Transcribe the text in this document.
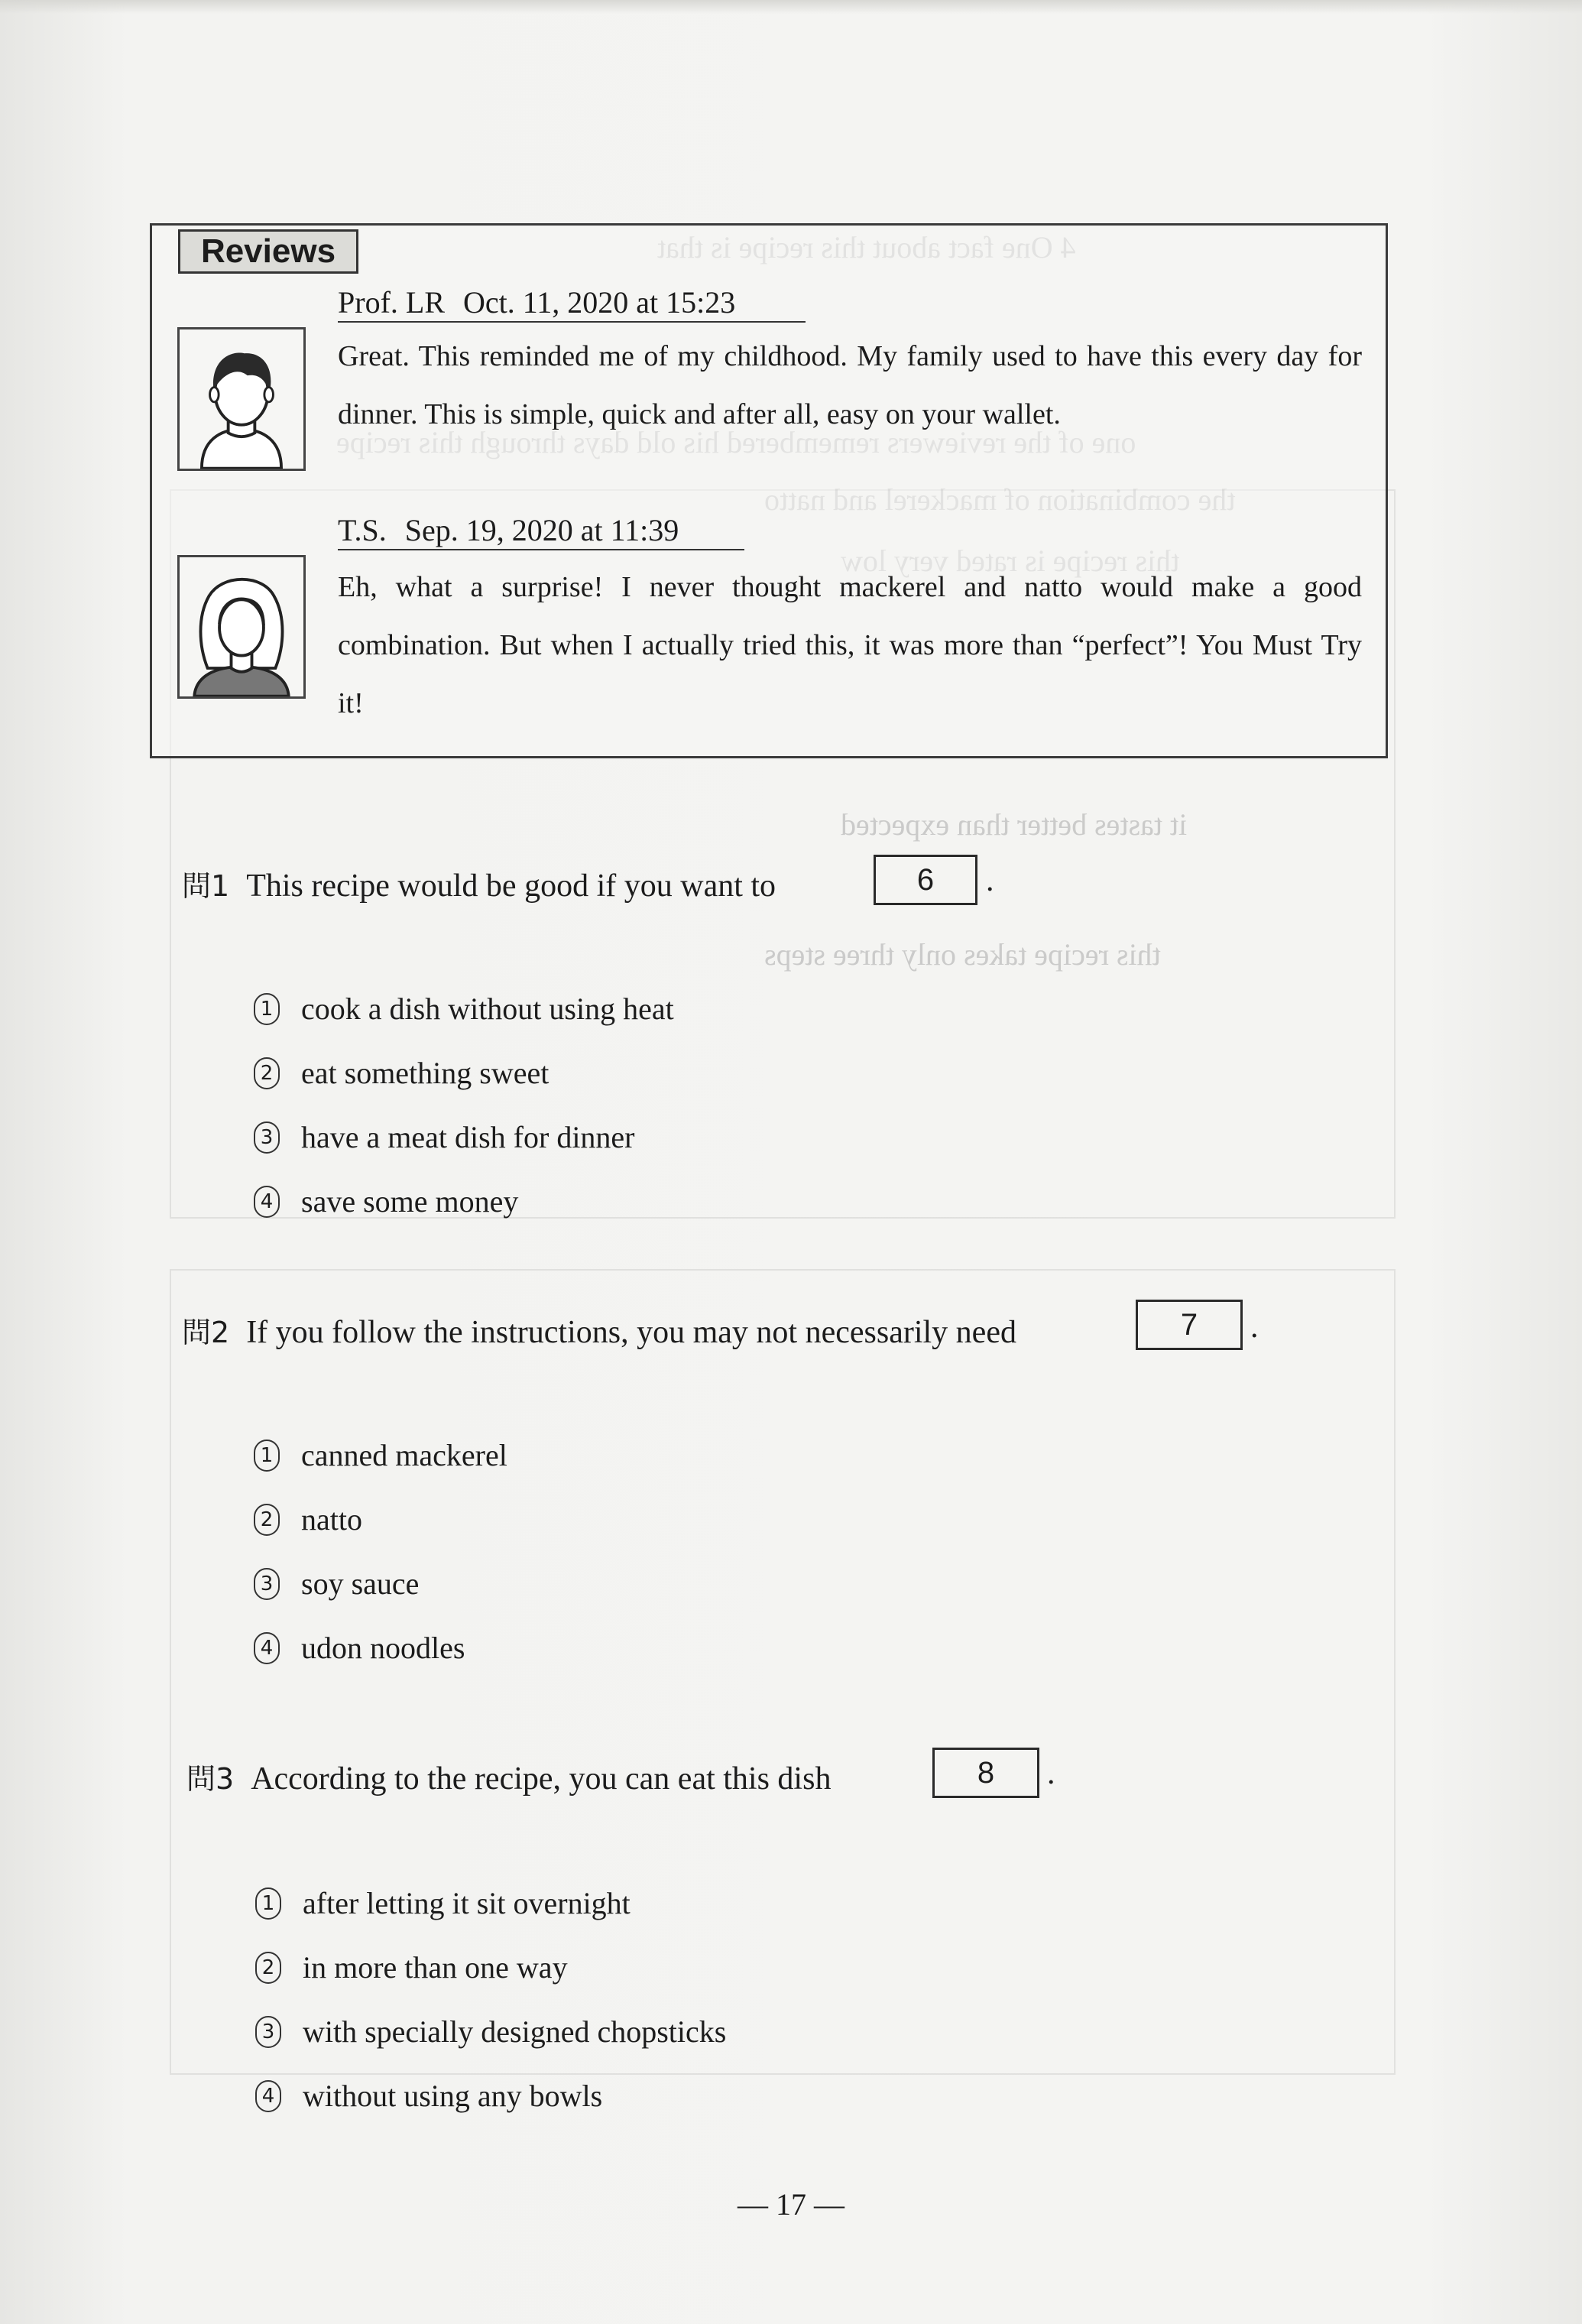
it tastes better than expected
this recipe takes only three steps
Reviews
Prof. LR Oct. 11, 2020 at 15:23
Great. This reminded me of my childhood. My family used to have this every day for dinner. This is simple, quick and after all, easy on your wallet.
T.S. Sep. 19, 2020 at 11:39
Eh, what a surprise! I never thought mackerel and natto would make a good combination. But when I actually tried this, it was more than “perfect”! You Must Try it!
問1 This recipe would be good if you want to	6	.
1 cook a dish without using heat
2 eat something sweet
3 have a meat dish for dinner
4 save some money
問2 If you follow the instructions, you may not necessarily need	7	.
1 canned mackerel
2 natto
3 soy sauce
4 udon noodles
問3 According to the recipe, you can eat this dish	8	.
1 after letting it sit overnight
2 in more than one way
3 with specially designed chopsticks
4 without using any bowls
— 17 —
